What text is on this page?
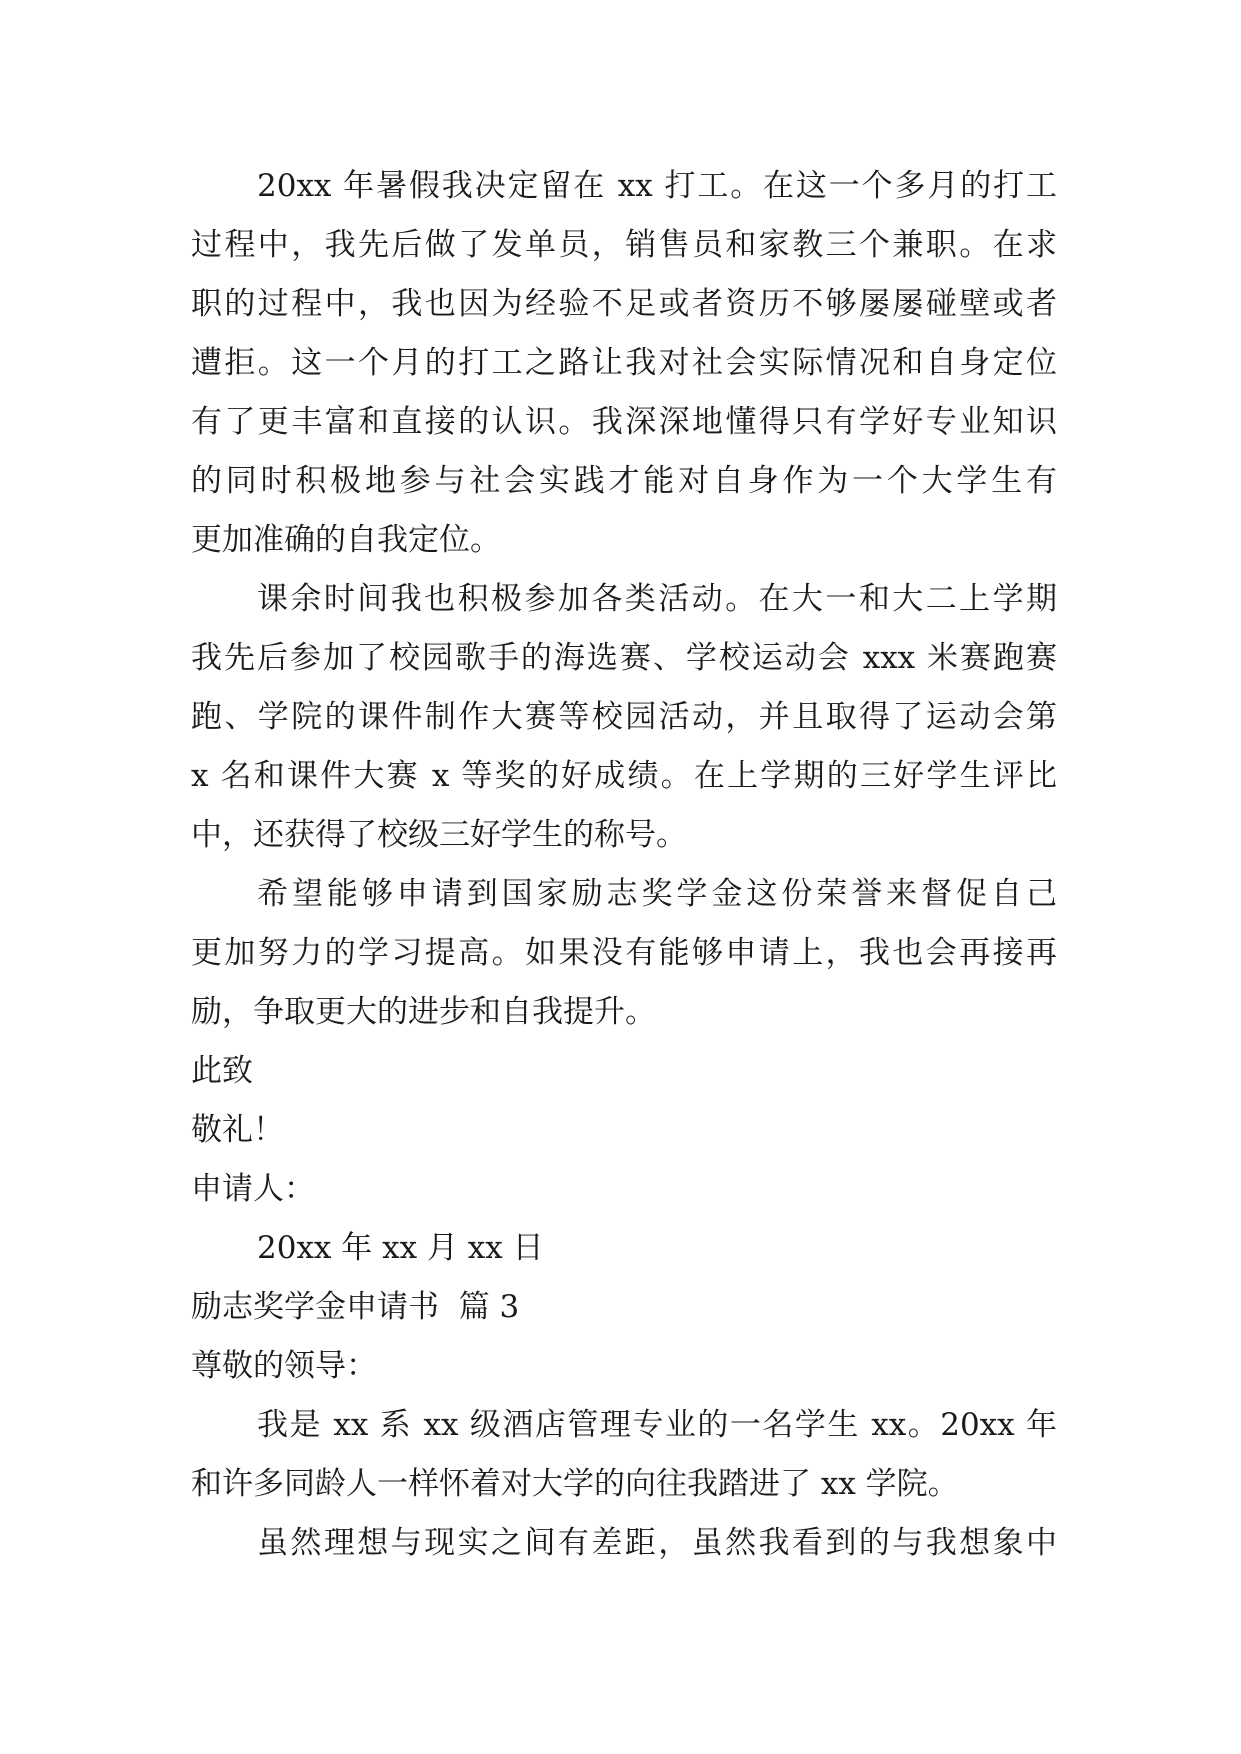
20xx 年暑假我决定留在 xx 打工。在这一个多月的打工
过程中，我先后做了发单员，销售员和家教三个兼职。在求
职的过程中，我也因为经验不足或者资历不够屡屡碰壁或者
遭拒。这一个月的打工之路让我对社会实际情况和自身定位
有了更丰富和直接的认识。我深深地懂得只有学好专业知识
的同时积极地参与社会实践才能对自身作为一个大学生有
更加准确的自我定位。
课余时间我也积极参加各类活动。在大一和大二上学期
我先后参加了校园歌手的海选赛、学校运动会 xxx 米赛跑赛
跑、学院的课件制作大赛等校园活动，并且取得了运动会第
x 名和课件大赛 x 等奖的好成绩。在上学期的三好学生评比
中，还获得了校级三好学生的称号。
希望能够申请到国家励志奖学金这份荣誉来督促自己
更加努力的学习提高。如果没有能够申请上，我也会再接再
励，争取更大的进步和自我提升。
此致
敬礼！
申请人：
20xx 年 xx 月 xx 日
励志奖学金申请书  篇 3
尊敬的领导：
我是 xx 系 xx 级酒店管理专业的一名学生 xx。20xx 年
和许多同龄人一样怀着对大学的向往我踏进了 xx 学院。
虽然理想与现实之间有差距，虽然我看到的与我想象中
